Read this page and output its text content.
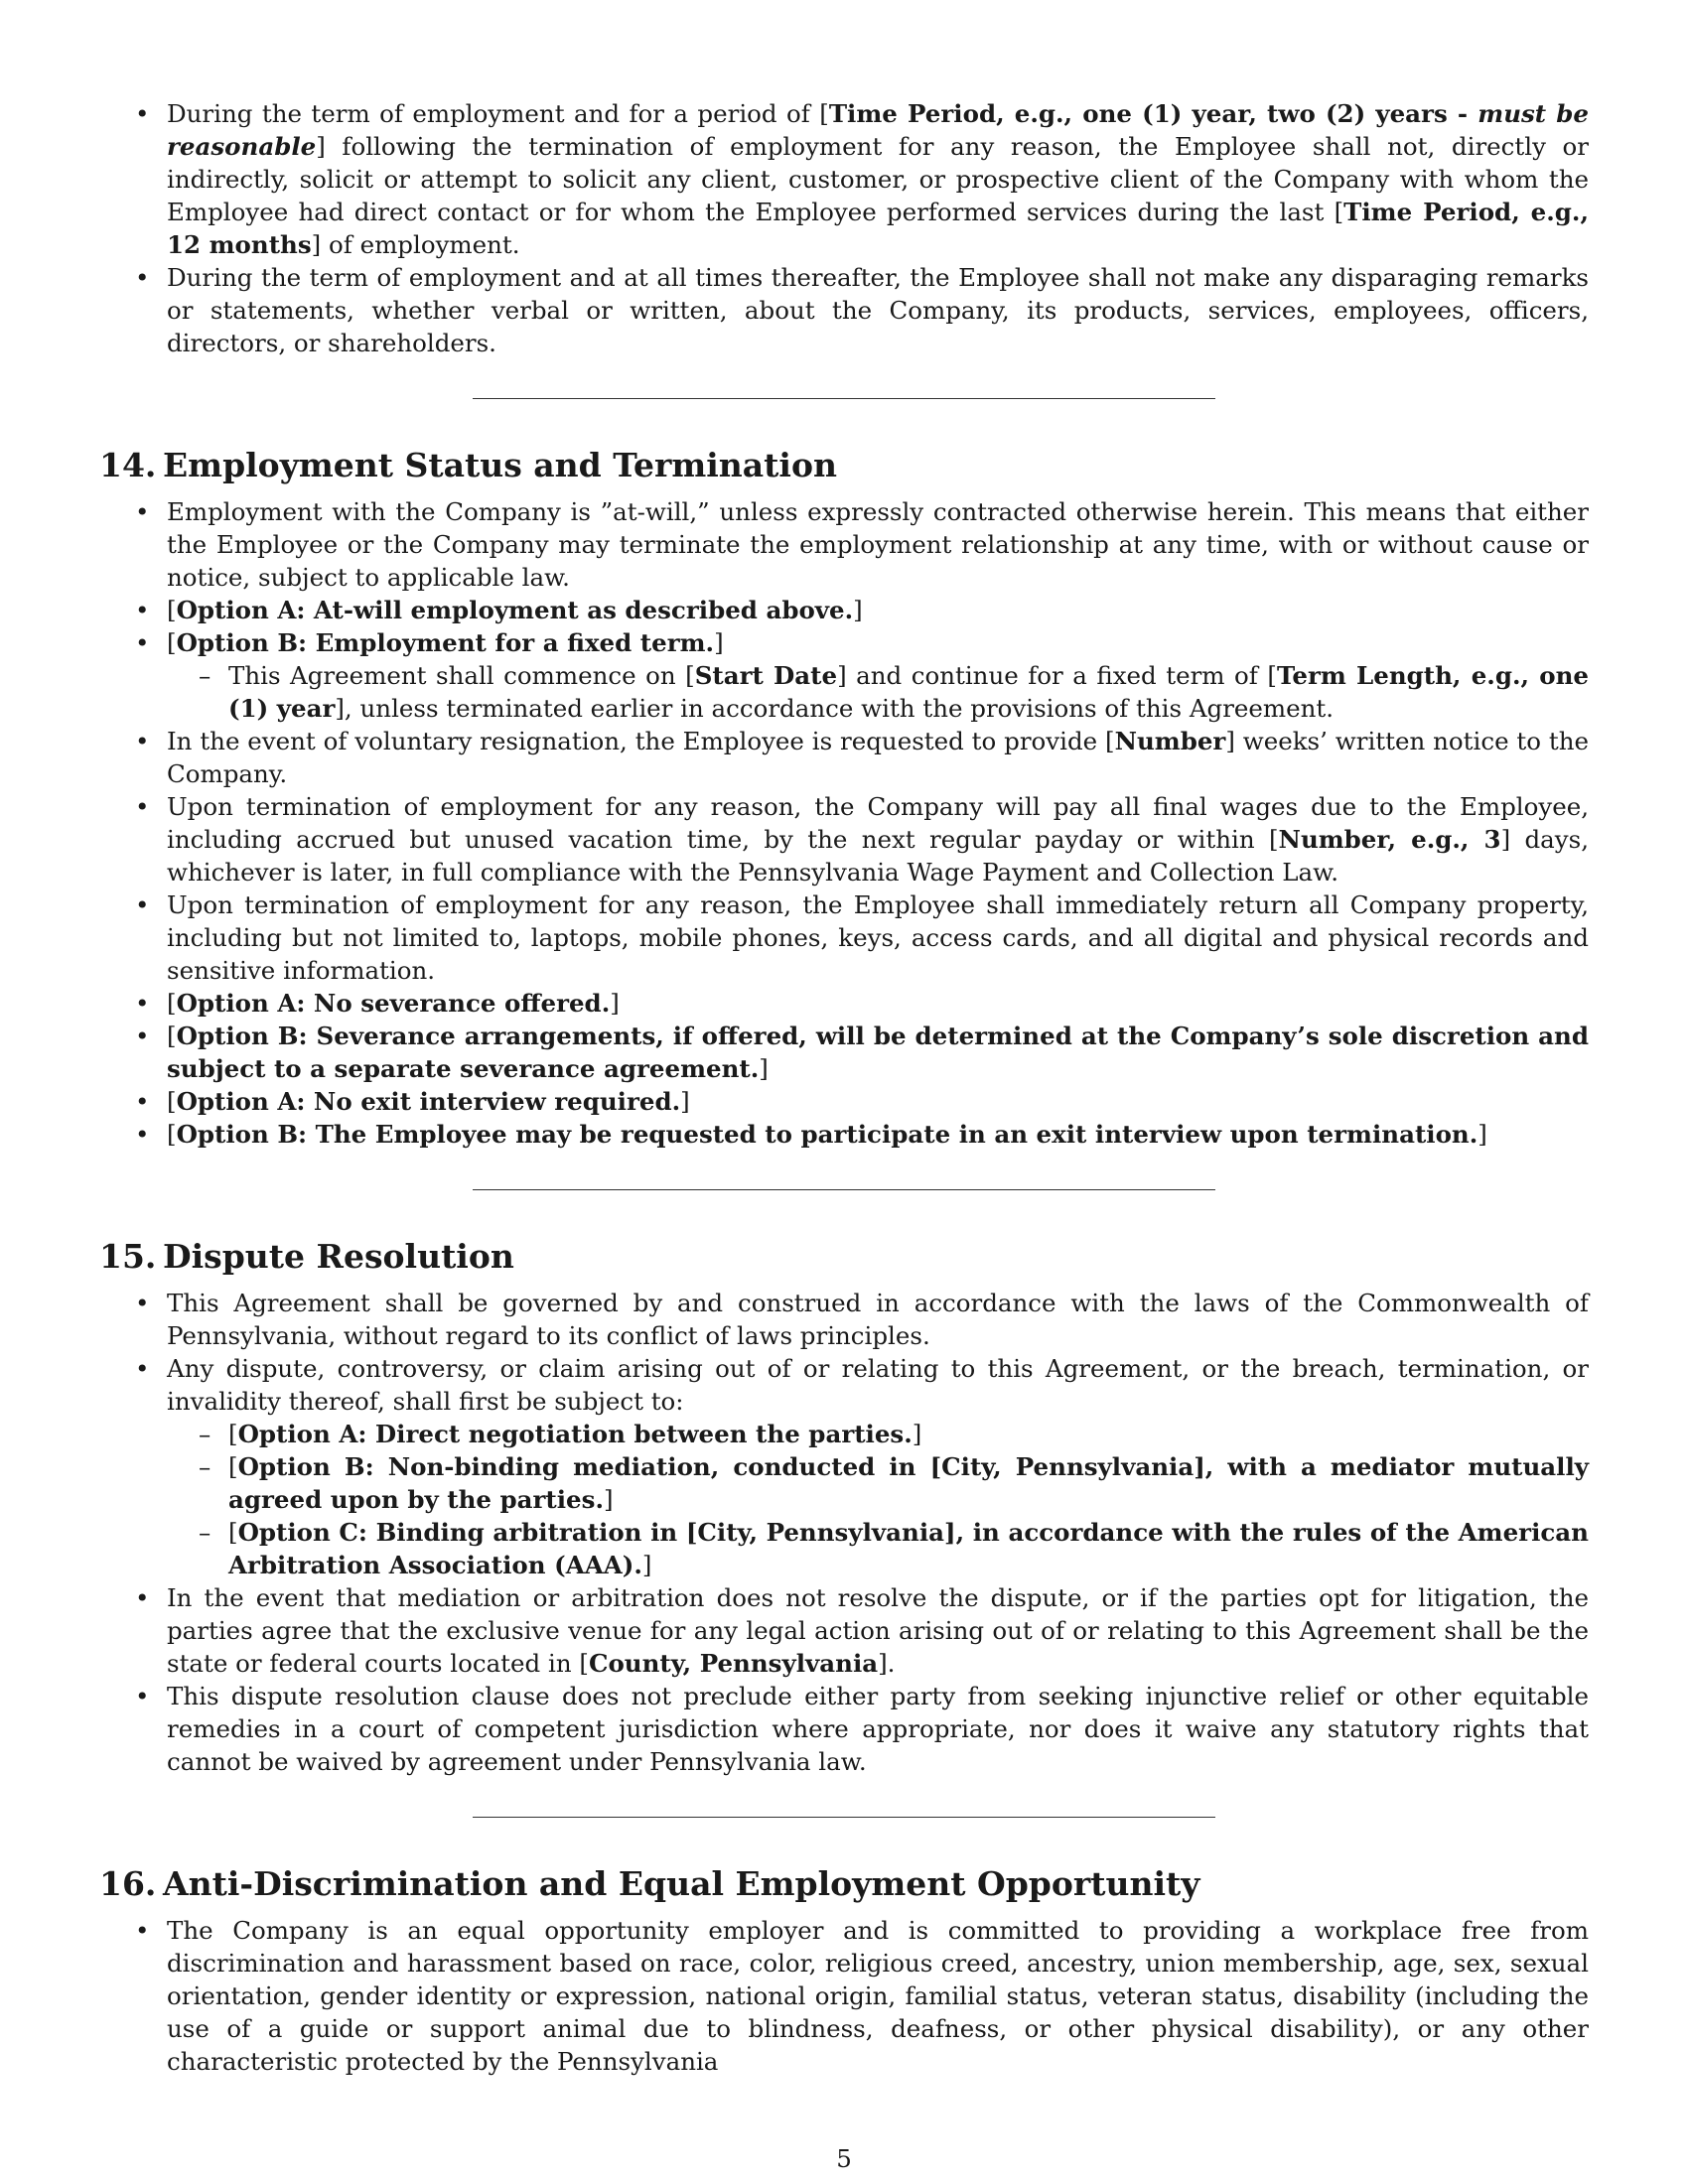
• During the term of employment and for a period of [Time Period, e.g., one (1) year, two (2) years - must be reasonable] following the termination of employment for any reason, the Employee shall not, directly or indirectly, solicit or attempt to solicit any client, customer, or prospective client of the Company with whom the Employee had direct contact or for whom the Employee performed services during the last [Time Period, e.g., 12 months] of employment.

• During the term of employment and at all times thereafter, the Employee shall not make any disparaging remarks or statements, whether verbal or written, about the Company, its products, services, employees, officers, directors, or shareholders.

14. Employment Status and Termination

• Employment with the Company is ”at-will,” unless expressly contracted otherwise herein. This means that either the Employee or the Company may terminate the employment relationship at any time, with or without cause or notice, subject to applicable law.

• [Option A: At-will employment as described above.]

• [Option B: Employment for a fixed term.]

– This Agreement shall commence on [Start Date] and continue for a fixed term of [Term Length, e.g., one (1) year], unless terminated earlier in accordance with the provisions of this Agreement.

• In the event of voluntary resignation, the Employee is requested to provide [Number] weeks’ written notice to the Company.

• Upon termination of employment for any reason, the Company will pay all final wages due to the Employee, including accrued but unused vacation time, by the next regular payday or within [Number, e.g., 3] days, whichever is later, in full compliance with the Pennsylvania Wage Payment and Collection Law.

• Upon termination of employment for any reason, the Employee shall immediately return all Company property, including but not limited to, laptops, mobile phones, keys, access cards, and all digital and physical records and sensitive information.

• [Option A: No severance offered.]

• [Option B: Severance arrangements, if offered, will be determined at the Company’s sole discretion and subject to a separate severance agreement.]

• [Option A: No exit interview required.]

• [Option B: The Employee may be requested to participate in an exit interview upon termination.]

15. Dispute Resolution

• This Agreement shall be governed by and construed in accordance with the laws of the Commonwealth of Pennsylvania, without regard to its conflict of laws principles.

• Any dispute, controversy, or claim arising out of or relating to this Agreement, or the breach, termination, or invalidity thereof, shall first be subject to:

– [Option A: Direct negotiation between the parties.]
– [Option B: Non-binding mediation, conducted in [City, Pennsylvania], with a mediator mutually agreed upon by the parties.]
– [Option C: Binding arbitration in [City, Pennsylvania], in accordance with the rules of the American Arbitration Association (AAA).]

• In the event that mediation or arbitration does not resolve the dispute, or if the parties opt for litigation, the parties agree that the exclusive venue for any legal action arising out of or relating to this Agreement shall be the state or federal courts located in [County, Pennsylvania].

• This dispute resolution clause does not preclude either party from seeking injunctive relief or other equitable remedies in a court of competent jurisdiction where appropriate, nor does it waive any statutory rights that cannot be waived by agreement under Pennsylvania law.

16. Anti-Discrimination and Equal Employment Opportunity

• The Company is an equal opportunity employer and is committed to providing a workplace free from discrimination and harassment based on race, color, religious creed, ancestry, union membership, age, sex, sexual orientation, gender identity or expression, national origin, familial status, veteran status, disability (including the use of a guide or support animal due to blindness, deafness, or other physical disability), or any other characteristic protected by the Pennsylvania

5
